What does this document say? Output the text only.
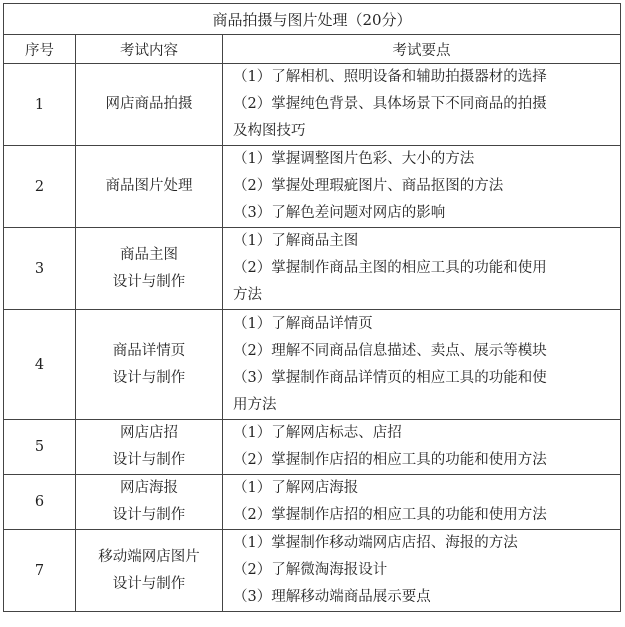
商品拍摄与图片处理（20分）		
序号	考试内容	考试要点
1	网店商品拍摄	（1）了解相机、照明设备和辅助拍摄器材的选择
（2）掌握纯色背景、具体场景下不同商品的拍摄
及构图技巧

2	商品图片处理	（1）掌握调整图片色彩、大小的方法
（2）掌握处理瑕疵图片、商品抠图的方法
（3）了解色差问题对网店的影响

3	商品主图
设计与制作	（1）了解商品主图
（2）掌握制作商品主图的相应工具的功能和使用
方法

4	商品详情页
设计与制作	（1）了解商品详情页
（2）理解不同商品信息描述、卖点、展示等模块
（3）掌握制作商品详情页的相应工具的功能和使
用方法

5	网店店招
设计与制作	（1）了解网店标志、店招
（2）掌握制作店招的相应工具的功能和使用方法

6	网店海报
设计与制作	（1）了解网店海报
（2）掌握制作店招的相应工具的功能和使用方法

7	移动端网店图片
设计与制作	（1）掌握制作移动端网店店招、海报的方法
（2）了解微淘海报设计
（3）理解移动端商品展示要点
